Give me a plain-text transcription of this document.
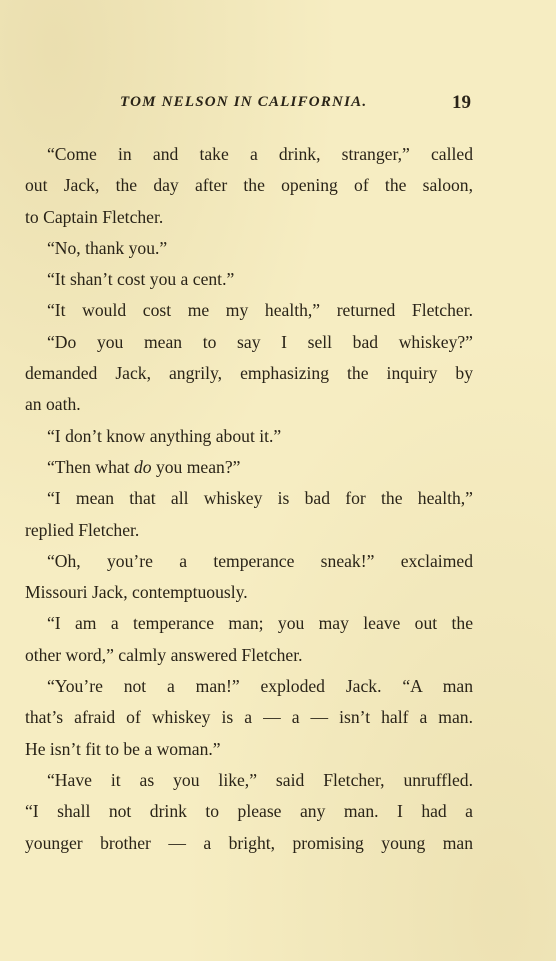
TOM NELSON IN CALIFORNIA.	19
“Come in and take a drink, stranger,” called
out Jack, the day after the opening of the saloon,
to Captain Fletcher.
“No, thank you.”
“It shan’t cost you a cent.”
“It would cost me my health,” returned Fletcher.
“Do you mean to say I sell bad whiskey?”
demanded Jack, angrily, emphasizing the inquiry by
an oath.
“I don’t know anything about it.”
“Then what do you mean?”
“I mean that all whiskey is bad for the health,”
replied Fletcher.
“Oh, you’re a temperance sneak!” exclaimed
Missouri Jack, contemptuously.
“I am a temperance man; you may leave out the
other word,” calmly answered Fletcher.
“You’re not a man!” exploded Jack. “A man
that’s afraid of whiskey is a — a — isn’t half a man.
He isn’t fit to be a woman.”
“Have it as you like,” said Fletcher, unruffled.
“I shall not drink to please any man. I had a
younger brother — a bright, promising young man
